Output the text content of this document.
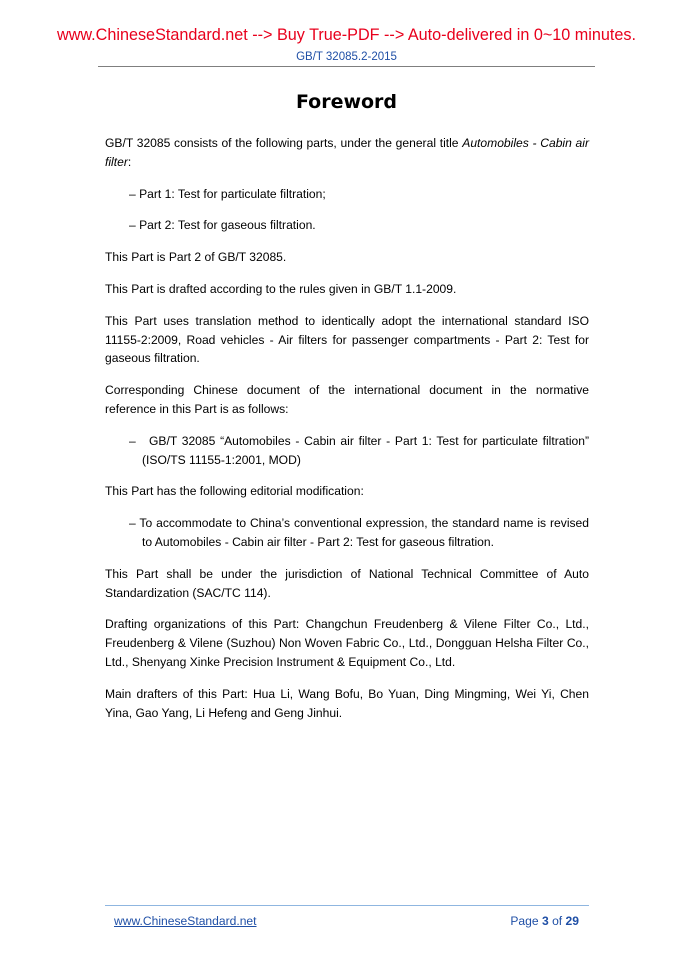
www.ChineseStandard.net --> Buy True-PDF --> Auto-delivered in 0~10 minutes.
GB/T 32085.2-2015
Foreword

GB/T 32085 consists of the following parts, under the general title Automobiles - Cabin air filter:

– Part 1: Test for particulate filtration;

– Part 2: Test for gaseous filtration.

This Part is Part 2 of GB/T 32085.

This Part is drafted according to the rules given in GB/T 1.1-2009.

This Part uses translation method to identically adopt the international standard ISO 11155-2:2009, Road vehicles - Air filters for passenger compartments - Part 2: Test for gaseous filtration.

Corresponding Chinese document of the international document in the normative reference in this Part is as follows:

– GB/T 32085 “Automobiles - Cabin air filter - Part 1: Test for particulate filtration” (ISO/TS 11155-1:2001, MOD)

This Part has the following editorial modification:

– To accommodate to China’s conventional expression, the standard name is revised to Automobiles - Cabin air filter - Part 2: Test for gaseous filtration.

This Part shall be under the jurisdiction of National Technical Committee of Auto Standardization (SAC/TC 114).

Drafting organizations of this Part: Changchun Freudenberg & Vilene Filter Co., Ltd., Freudenberg & Vilene (Suzhou) Non Woven Fabric Co., Ltd., Dongguan Helsha Filter Co., Ltd., Shenyang Xinke Precision Instrument & Equipment Co., Ltd.

Main drafters of this Part: Hua Li, Wang Bofu, Bo Yuan, Ding Mingming, Wei Yi, Chen Yina, Gao Yang, Li Hefeng and Geng Jinhui.

www.ChineseStandard.net	Page 3 of 29
